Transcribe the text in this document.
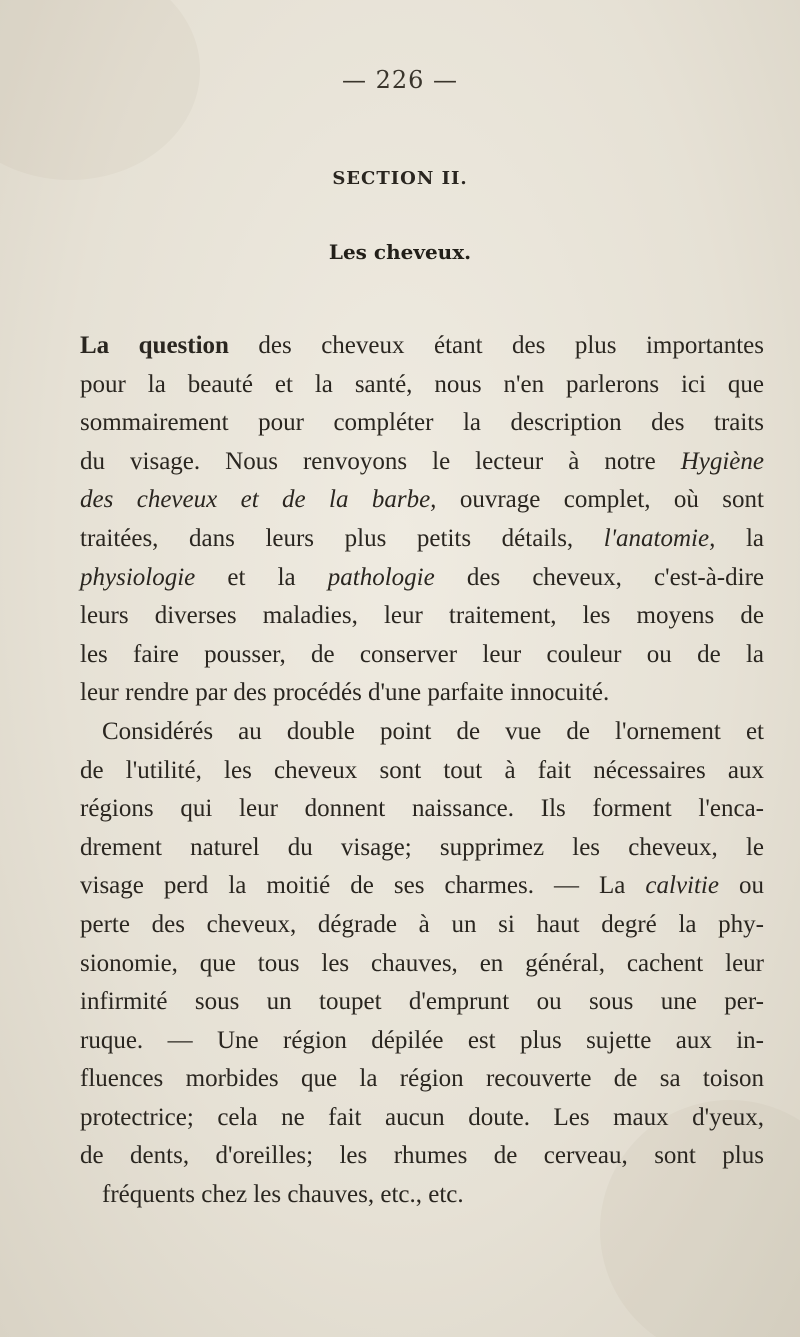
— 226 —
SECTION II.
Les cheveux.
La question des cheveux étant des plus importantes
pour la beauté et la santé, nous n'en parlerons ici que
sommairement pour compléter la description des traits
du visage. Nous renvoyons le lecteur à notre Hygiène
des cheveux et de la barbe, ouvrage complet, où sont
traitées, dans leurs plus petits détails, l'anatomie, la
physiologie et la pathologie des cheveux, c'est-à-dire
leurs diverses maladies, leur traitement, les moyens de
les faire pousser, de conserver leur couleur ou de la
leur rendre par des procédés d'une parfaite innocuité.
Considérés au double point de vue de l'ornement et
de l'utilité, les cheveux sont tout à fait nécessaires aux
régions qui leur donnent naissance. Ils forment l'enca-
drement naturel du visage; supprimez les cheveux, le
visage perd la moitié de ses charmes. — La calvitie ou
perte des cheveux, dégrade à un si haut degré la phy-
sionomie, que tous les chauves, en général, cachent leur
infirmité sous un toupet d'emprunt ou sous une per-
ruque. — Une région dépilée est plus sujette aux in-
fluences morbides que la région recouverte de sa toison
protectrice; cela ne fait aucun doute. Les maux d'yeux,
de dents, d'oreilles; les rhumes de cerveau, sont plus
fréquents chez les chauves, etc., etc.
